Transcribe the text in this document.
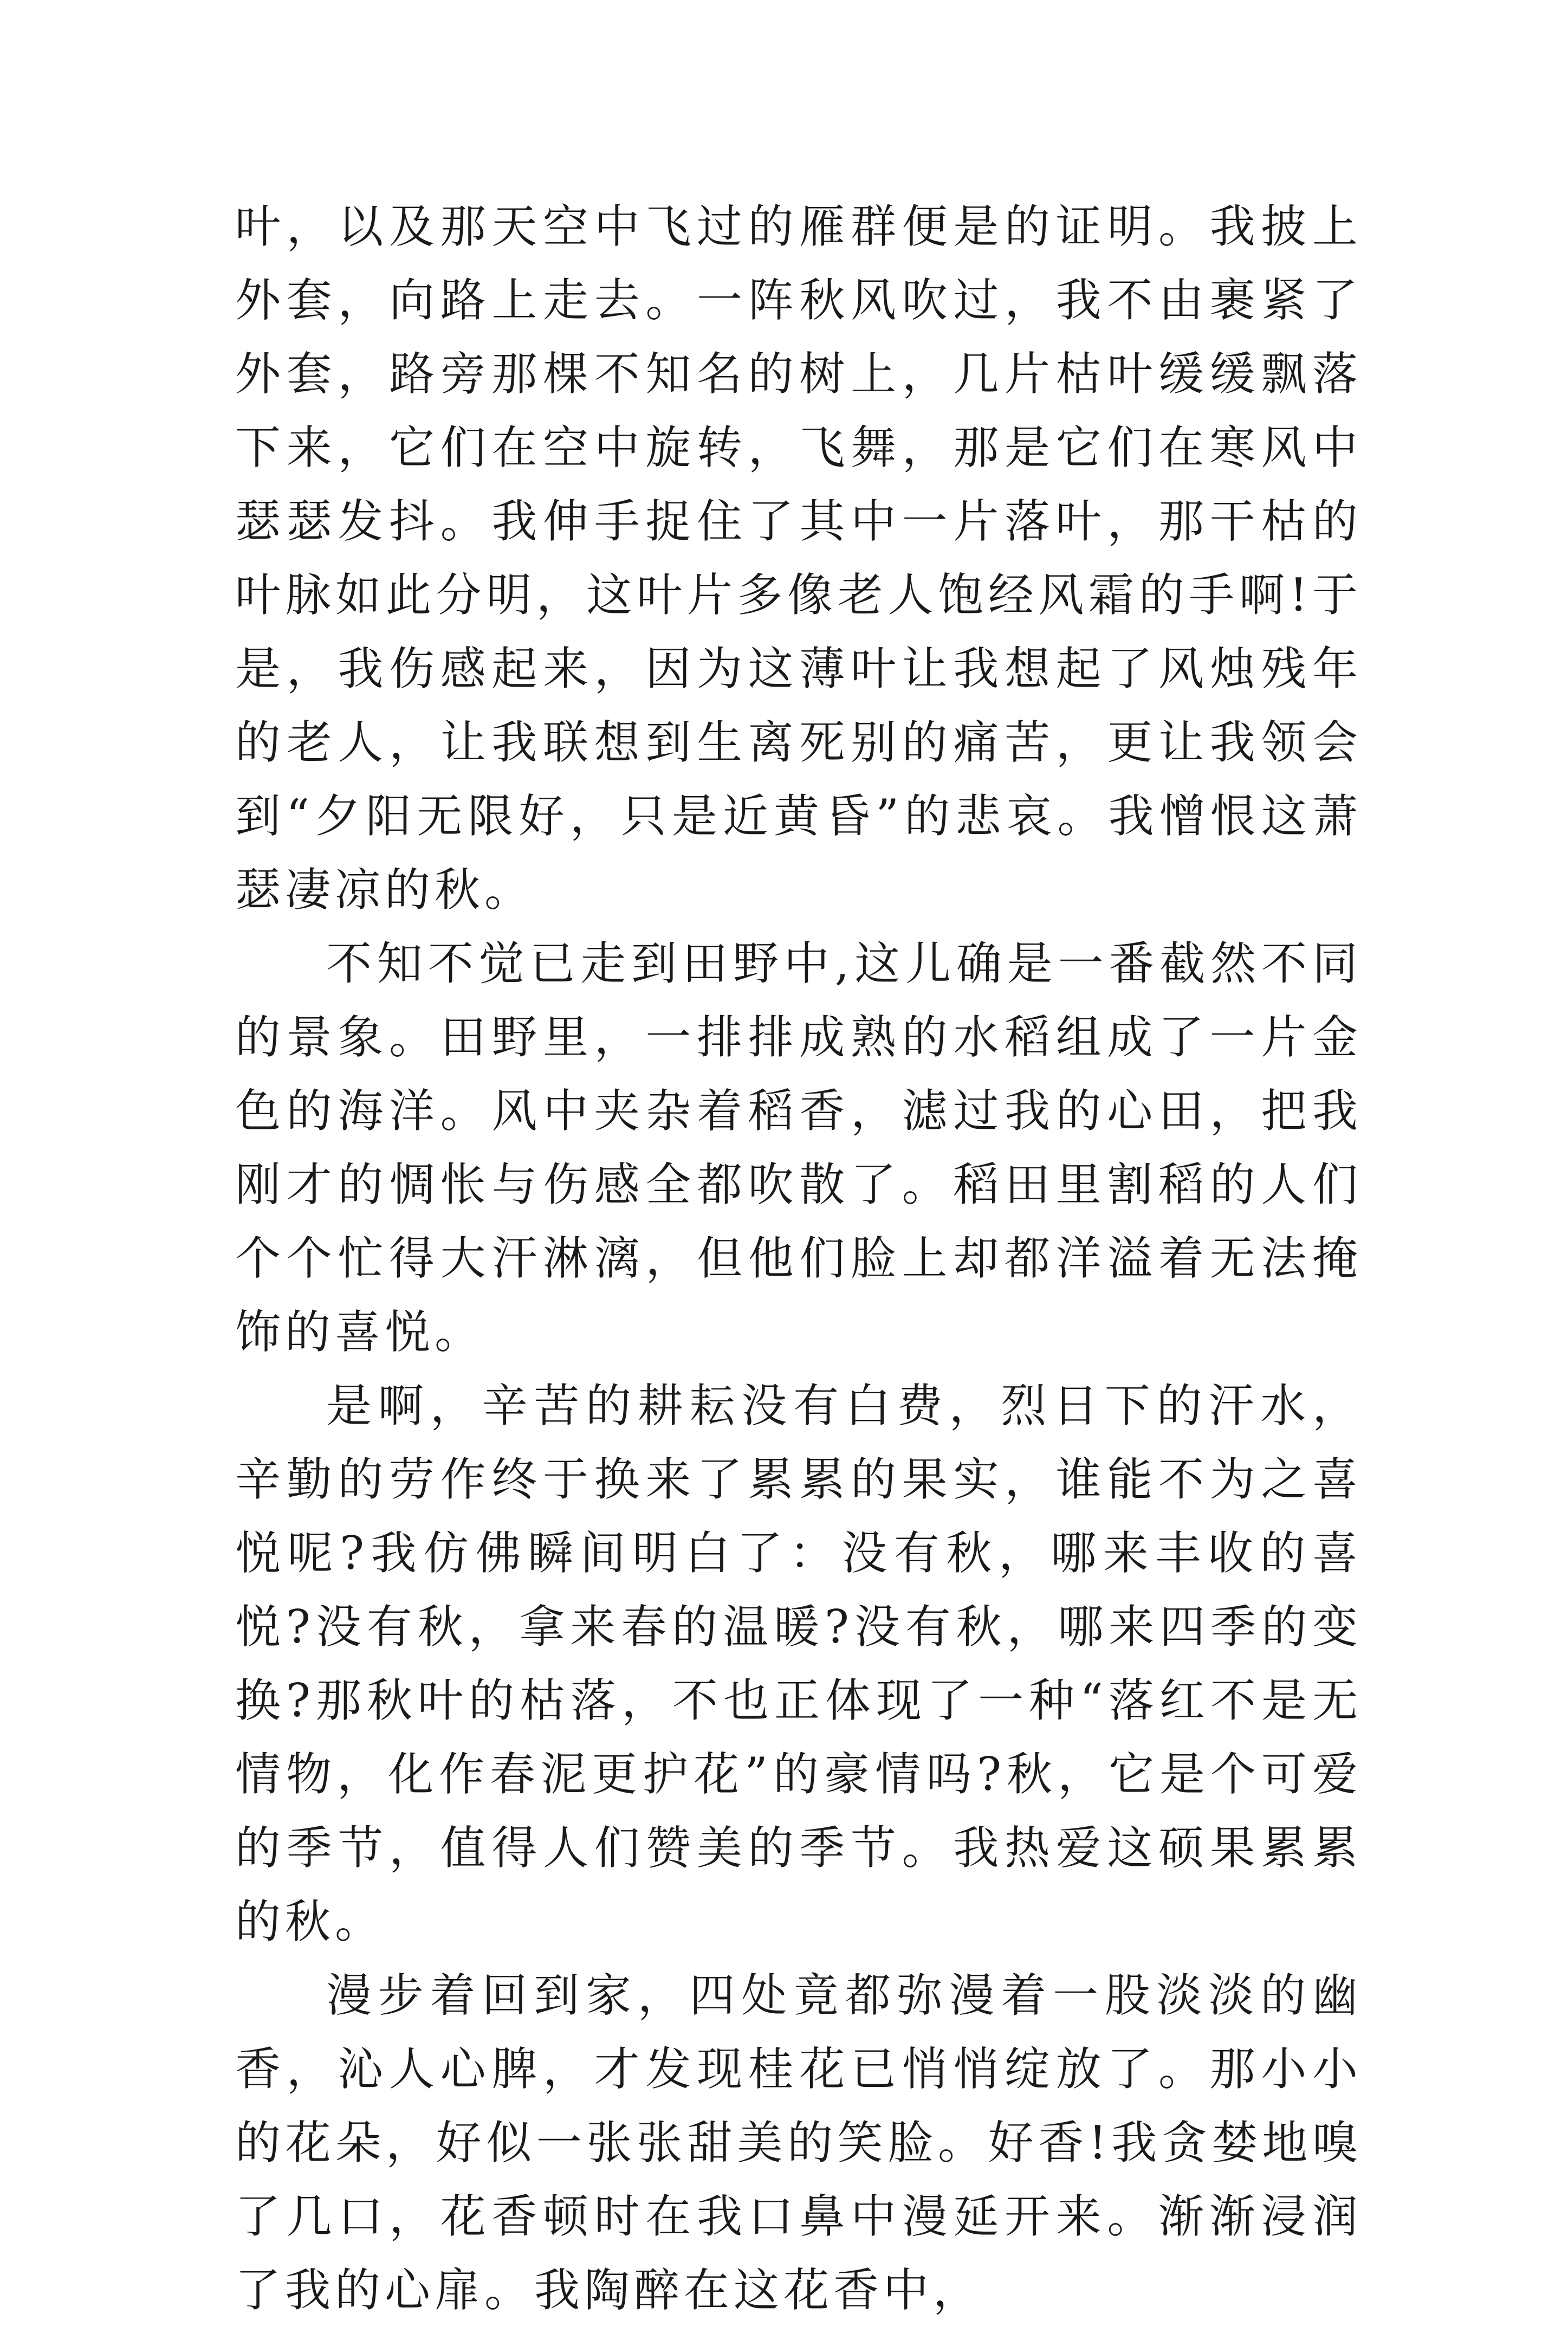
叶，以及那天空中飞过的雁群便是的证明。我披上外套，向路上走去。一阵秋风吹过，我不由裹紧了外套，路旁那棵不知名的树上，几片枯叶缓缓飘落下来，它们在空中旋转，飞舞，那是它们在寒风中瑟瑟发抖。我伸手捉住了其中一片落叶，那干枯的叶脉如此分明，这叶片多像老人饱经风霜的手啊!于是，我伤感起来，因为这薄叶让我想起了风烛残年的老人，让我联想到生离死别的痛苦，更让我领会到“夕阳无限好，只是近黄昏”的悲哀。我憎恨这萧瑟凄凉的秋。

不知不觉已走到田野中,这儿确是一番截然不同的景象。田野里，一排排成熟的水稻组成了一片金色的海洋。风中夹杂着稻香，滤过我的心田，把我刚才的惆怅与伤感全都吹散了。稻田里割稻的人们个个忙得大汗淋漓，但他们脸上却都洋溢着无法掩饰的喜悦。

是啊，辛苦的耕耘没有白费，烈日下的汗水，辛勤的劳作终于换来了累累的果实，谁能不为之喜悦呢?我仿佛瞬间明白了：没有秋，哪来丰收的喜悦?没有秋，拿来春的温暖?没有秋，哪来四季的变换?那秋叶的枯落，不也正体现了一种“落红不是无情物，化作春泥更护花”的豪情吗?秋，它是个可爱的季节，值得人们赞美的季节。我热爱这硕果累累的秋。

漫步着回到家，四处竟都弥漫着一股淡淡的幽香，沁人心脾，才发现桂花已悄悄绽放了。那小小的花朵，好似一张张甜美的笑脸。好香!我贪婪地嗅了几口，花香顿时在我口鼻中漫延开来。渐渐浸润了我的心扉。我陶醉在这花香中，
